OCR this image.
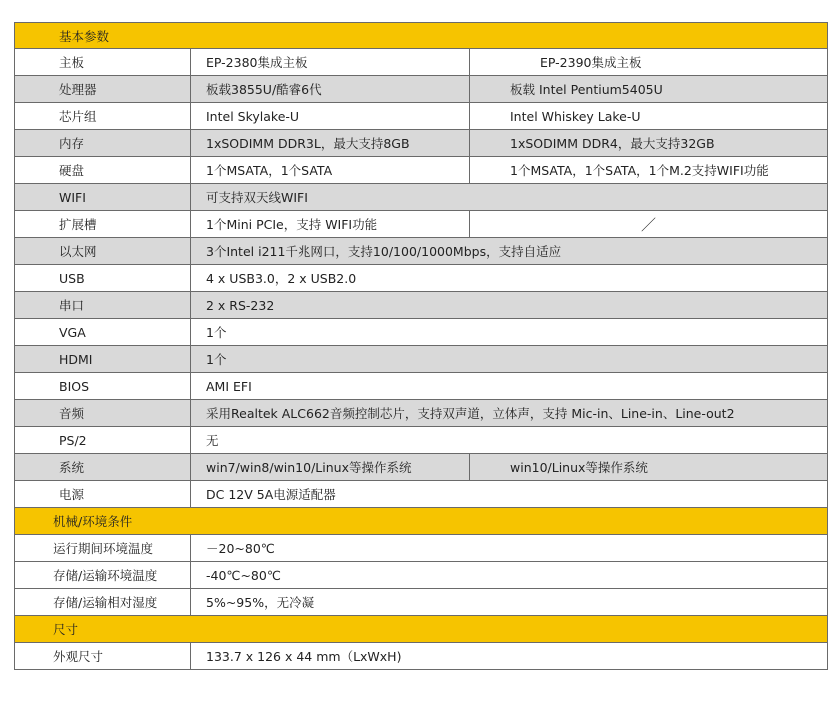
基本参数
主板	EP-2380集成主板	EP-2390集成主板
处理器	板载3855U/酷睿6代	板载 Intel Pentium5405U
芯片组	Intel Skylake-U	Intel Whiskey Lake-U
内存	1xSODIMM DDR3L，最大支持8GB	1xSODIMM DDR4，最大支持32GB
硬盘	1个MSATA，1个SATA	1个MSATA，1个SATA，1个M.2支持WIFI功能
WIFI	可支持双天线WIFI
扩展槽	1个Mini PCIe，支持 WIFI功能	／
以太网	3个Intel i211千兆网口，支持10/100/1000Mbps，支持自适应
USB	4 x USB3.0，2 x USB2.0
串口	2 x RS-232
VGA	1个
HDMI	1个
BIOS	AMI EFI
音频	采用Realtek ALC662音频控制芯片，支持双声道，立体声，支持 Mic-in、Line-in、Line-out2
PS/2	无
系统	win7/win8/win10/Linux等操作系统	win10/Linux等操作系统
电源	DC 12V 5A电源适配器
机械/环境条件
运行期间环境温度	－20~80℃
存储/运输环境温度	-40℃~80℃
存储/运输相对湿度	5%~95%，无冷凝
尺寸
外观尺寸	133.7 x 126 x 44 mm（LxWxH)
